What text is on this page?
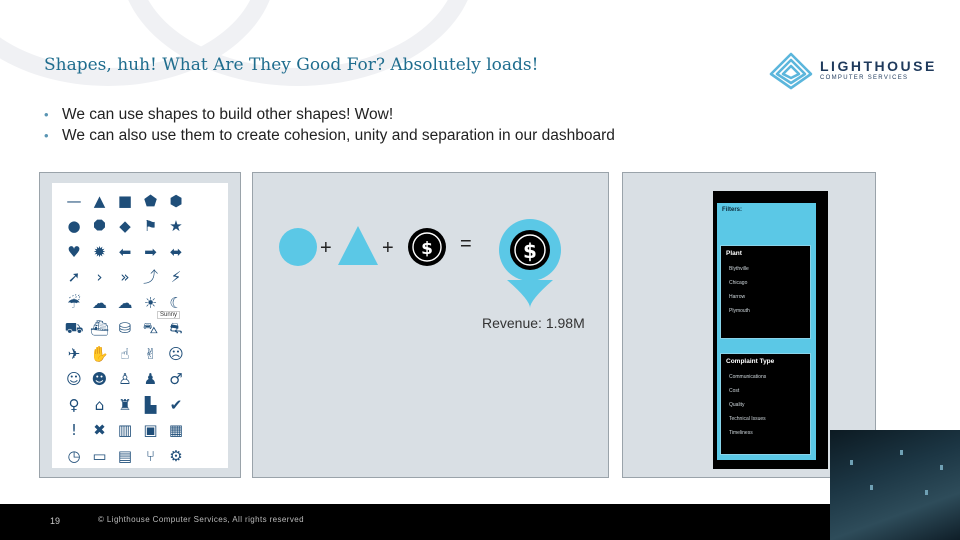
Shapes, huh! What Are They Good For? Absolutely loads!	LIGHTHOUSE
COMPUTER SERVICES
• We can use shapes to build other shapes! Wow!
• We can also use them to create cohesion, unity and separation in our dashboard
⚙
⑂
▤
▭
◷
▦
▣
▥
✖
!
✔
▙
♜
⌂
♀
♂
♟
♙
☻
☺
☹
✌
☝
✋
✈
⛐
⛍
⛁
⛴
⛟
☾
☀
☁
☁
☔
⚡
⤴
»
›
➚
⬌
➡
⬅
✹
♥
★
⚑
◆
⯃
●
⬢
⬟
■
▲
—
Sunny
$	$
+	+	=
Revenue: 1.98M
Filters:
Plant
Blythville
Chicago
Harrow
Plymouth
Complaint Type
Communications
Cost
Quality
Technical Issues
Timeliness
19	© Lighthouse Computer Services, All rights reserved
